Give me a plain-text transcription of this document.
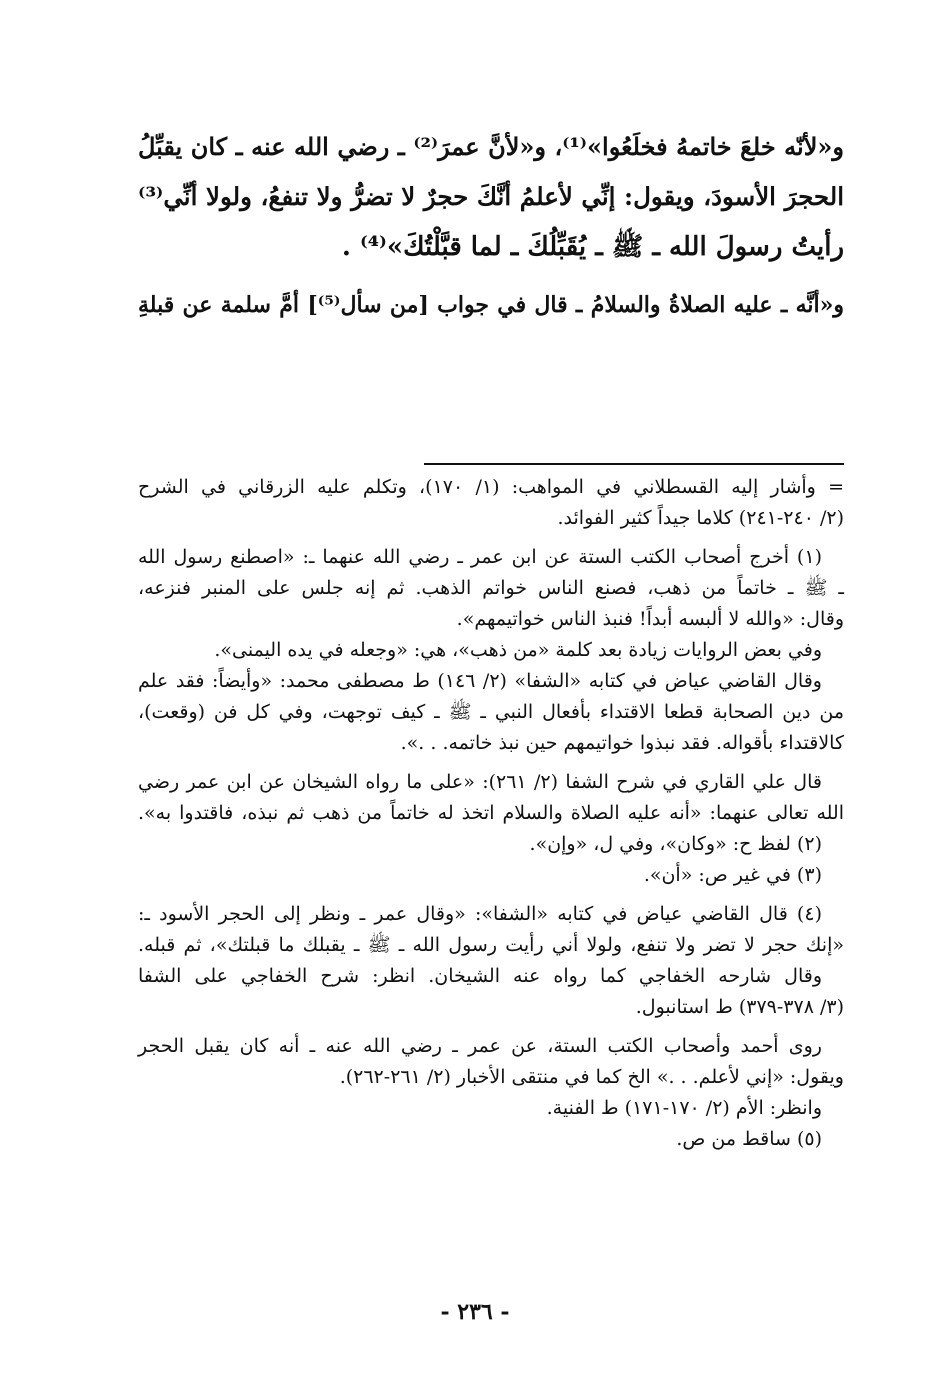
و«لأنّه خلعَ خاتمهُ فخلَعُوا»⁽¹⁾، و«لأنَّ عمرَ⁽²⁾ ـ رضي الله عنه ـ كان يقبِّلُ
الحجرَ الأسودَ، ويقول: إنِّي لأعلمُ أنَّكَ حجرٌ لا تضرُّ ولا تنفعُ، ولولا أنِّي⁽³⁾
رأيتُ رسولَ الله ـ ﷺ ـ يُقَبِّلُكَ ـ لما قبَّلْتُكَ»⁽⁴⁾ .
و«أنَّه ـ عليه الصلاةُ والسلامُ ـ قال في جواب [من سأل⁽⁵⁾] أمَّ سلمة عن قبلةِ
= وأشار إليه القسطلاني في المواهب: (١/ ١٧٠)، وتكلم عليه الزرقاني في الشرح
(٢/ ٢٤٠-٢٤١) كلاما جيداً كثير الفوائد.
(١) أخرج أصحاب الكتب الستة عن ابن عمر ـ رضي الله عنهما ـ: «اصطنع رسول الله
ـ ﷺ ـ خاتماً من ذهب، فصنع الناس خواتم الذهب. ثم إنه جلس على المنبر فنزعه،
وقال: «والله لا ألبسه أبداً! فنبذ الناس خواتيمهم».
وفي بعض الروايات زيادة بعد كلمة «من ذهب»، هي: «وجعله في يده اليمنى».
وقال القاضي عياض في كتابه «الشفا» (٢/ ١٤٦) ط مصطفى محمد: «وأيضاً: فقد علم
من دين الصحابة قطعا الاقتداء بأفعال النبي ـ ﷺ ـ كيف توجهت، وفي كل فن (وقعت)،
كالاقتداء بأقواله. فقد نبذوا خواتيمهم حين نبذ خاتمه. . .».
قال علي القاري في شرح الشفا (٢/ ٢٦١): «على ما رواه الشيخان عن ابن عمر رضي
الله تعالى عنهما: «أنه عليه الصلاة والسلام اتخذ له خاتماً من ذهب ثم نبذه، فاقتدوا به».
(٢) لفظ ح: «وكان»، وفي ل، «وإن».
(٣) في غير ص: «أن».
(٤) قال القاضي عياض في كتابه «الشفا»: «وقال عمر ـ ونظر إلى الحجر الأسود ـ:
«إنك حجر لا تضر ولا تنفع، ولولا أني رأيت رسول الله ـ ﷺ ـ يقبلك ما قبلتك»، ثم قبله.
وقال شارحه الخفاجي كما رواه عنه الشيخان. انظر: شرح الخفاجي على الشفا
(٣/ ٣٧٨-٣٧٩) ط استانبول.
روى أحمد وأصحاب الكتب الستة، عن عمر ـ رضي الله عنه ـ أنه كان يقبل الحجر
ويقول: «إني لأعلم. . .» الخ كما في منتقى الأخبار (٢/ ٢٦١-٢٦٢).
وانظر: الأم (٢/ ١٧٠-١٧١) ط الفنية.
(٥) ساقط من ص.
- ٢٣٦ -
